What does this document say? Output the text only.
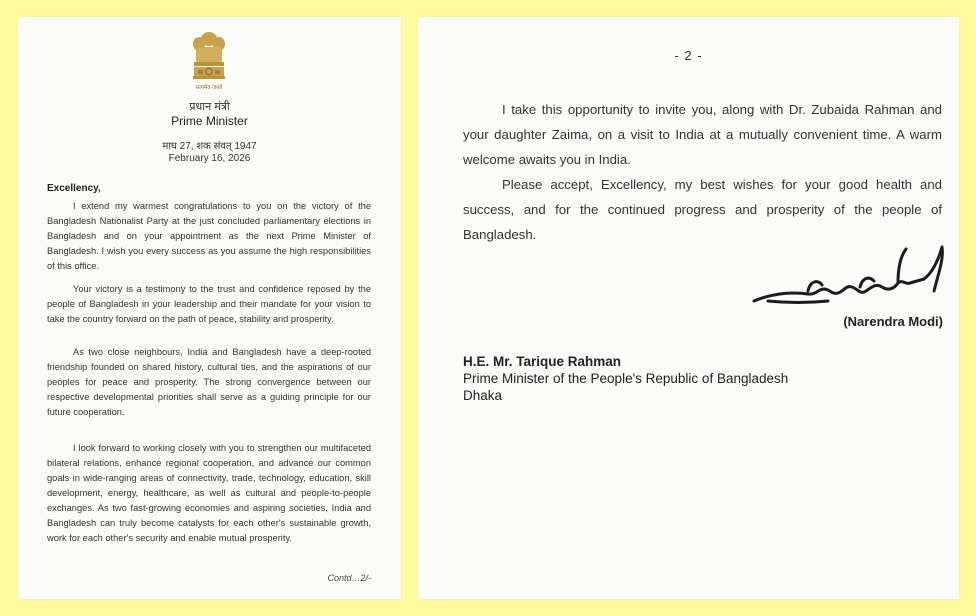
सत्यमेव जयते
प्रधान मंत्री
Prime Minister
माघ 27, शक संवत् 1947
February 16, 2026
Excellency,

I extend my warmest congratulations to you on the victory of the Bangladesh Nationalist Party at the just concluded parliamentary elections in Bangladesh and on your appointment as the next Prime Minister of Bangladesh. I wish you every success as you assume the high responsibilities of this office.

Your victory is a testimony to the trust and confidence reposed by the people of Bangladesh in your leadership and their mandate for your vision to take the country forward on the path of peace, stability and prosperity.

As two close neighbours, India and Bangladesh have a deep-rooted friendship founded on shared history, cultural ties, and the aspirations of our peoples for peace and prosperity. The strong convergence between our respective developmental priorities shall serve as a guiding principle for our future cooperation.

I look forward to working closely with you to strengthen our multifaceted bilateral relations, enhance regional cooperation, and advance our common goals in wide-ranging areas of connectivity, trade, technology, education, skill development, energy, healthcare, as well as cultural and people-to-people exchanges. As two fast-growing economies and aspiring societies, India and Bangladesh can truly become catalysts for each other's sustainable growth, work for each other's security and enable mutual prosperity.

Contd…2/-
- 2 -

I take this opportunity to invite you, along with Dr. Zubaida Rahman and your daughter Zaima, on a visit to India at a mutually convenient time. A warm welcome awaits you in India.

Please accept, Excellency, my best wishes for your good health and success, and for the continued progress and prosperity of the people of Bangladesh.

(Narendra Modi)
H.E. Mr. Tarique Rahman
Prime Minister of the People's Republic of Bangladesh
Dhaka
